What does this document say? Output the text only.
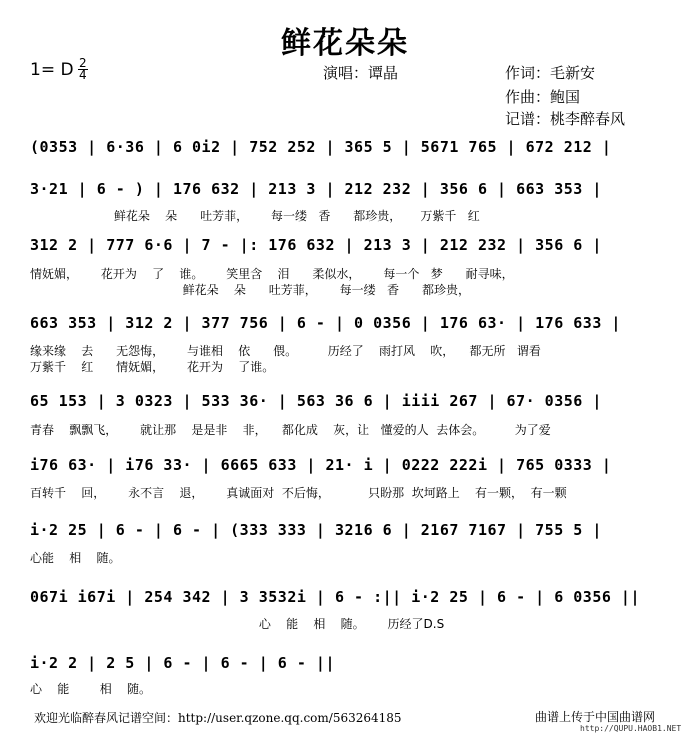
鲜花朵朵
1= D $\frac{2}{4}$	演唱：谭晶	作词：毛新安
作曲：鲍国
记谱：桃李醉春风
(0353 | 6·36 | 6 0i2 | 752 252 | 365 5 | 5671 765 | 672 212 |
3·21 | 6 - ) | 176 632 | 213 3 | 212 232 | 356 6 | 663 353 |
鲜花朵    朵      吐芳菲，      每一缕   香      都珍贵，     万紫千   红
312 2 | 777 6·6 | 7 - |: 176 632 | 213 3 | 212 232 | 356 6 |
情妩媚，      花开为    了    谁。      笑里含    泪      柔似水，      每一个   梦      耐寻味，
鲜花朵    朵      吐芳菲，      每一缕   香      都珍贵，
663 353 | 312 2 | 377 756 | 6 - | 0 0356 | 176 63· | 176 633 |
缘来缘    去      无怨悔，      与谁相    依      偎。        历经了    雨打风    吹，    都无所   谓看
万紫千    红      情妩媚，      花开为    了谁。
65 153 | 3 0323 | 533 36· | 563 36 6 | iiii 267 | 67· 0356 |
青春    飘飘飞，      就让那    是是非    非，    都化成    灰，让   懂爱的人  去体会。        为了爱
i76 63· | i76 33· | 6665 633 | 21· i | 0222 222i | 765 0333 |
百转千    回，      永不言    退，      真诚面对  不后悔，          只盼那  坎坷路上    有一颗，  有一颗
i·2 25 | 6 - | 6 - | (333 333 | 3216 6 | 2167 7167 | 755 5 |
心能    相    随。
067i i67i | 254 342 | 3 3532i | 6 - :|| i·2 25 | 6 - | 6 0356 ||
心    能    相    随。      历经了D.S
i·2 2 | 2 5 | 6 - | 6 - | 6 - ||
心    能        相    随。
欢迎光临醉春风记谱空间：http://user.qzone.qq.com/563264185	曲谱上传于中国曲谱网
http://QUPU.HAOB1.NET
